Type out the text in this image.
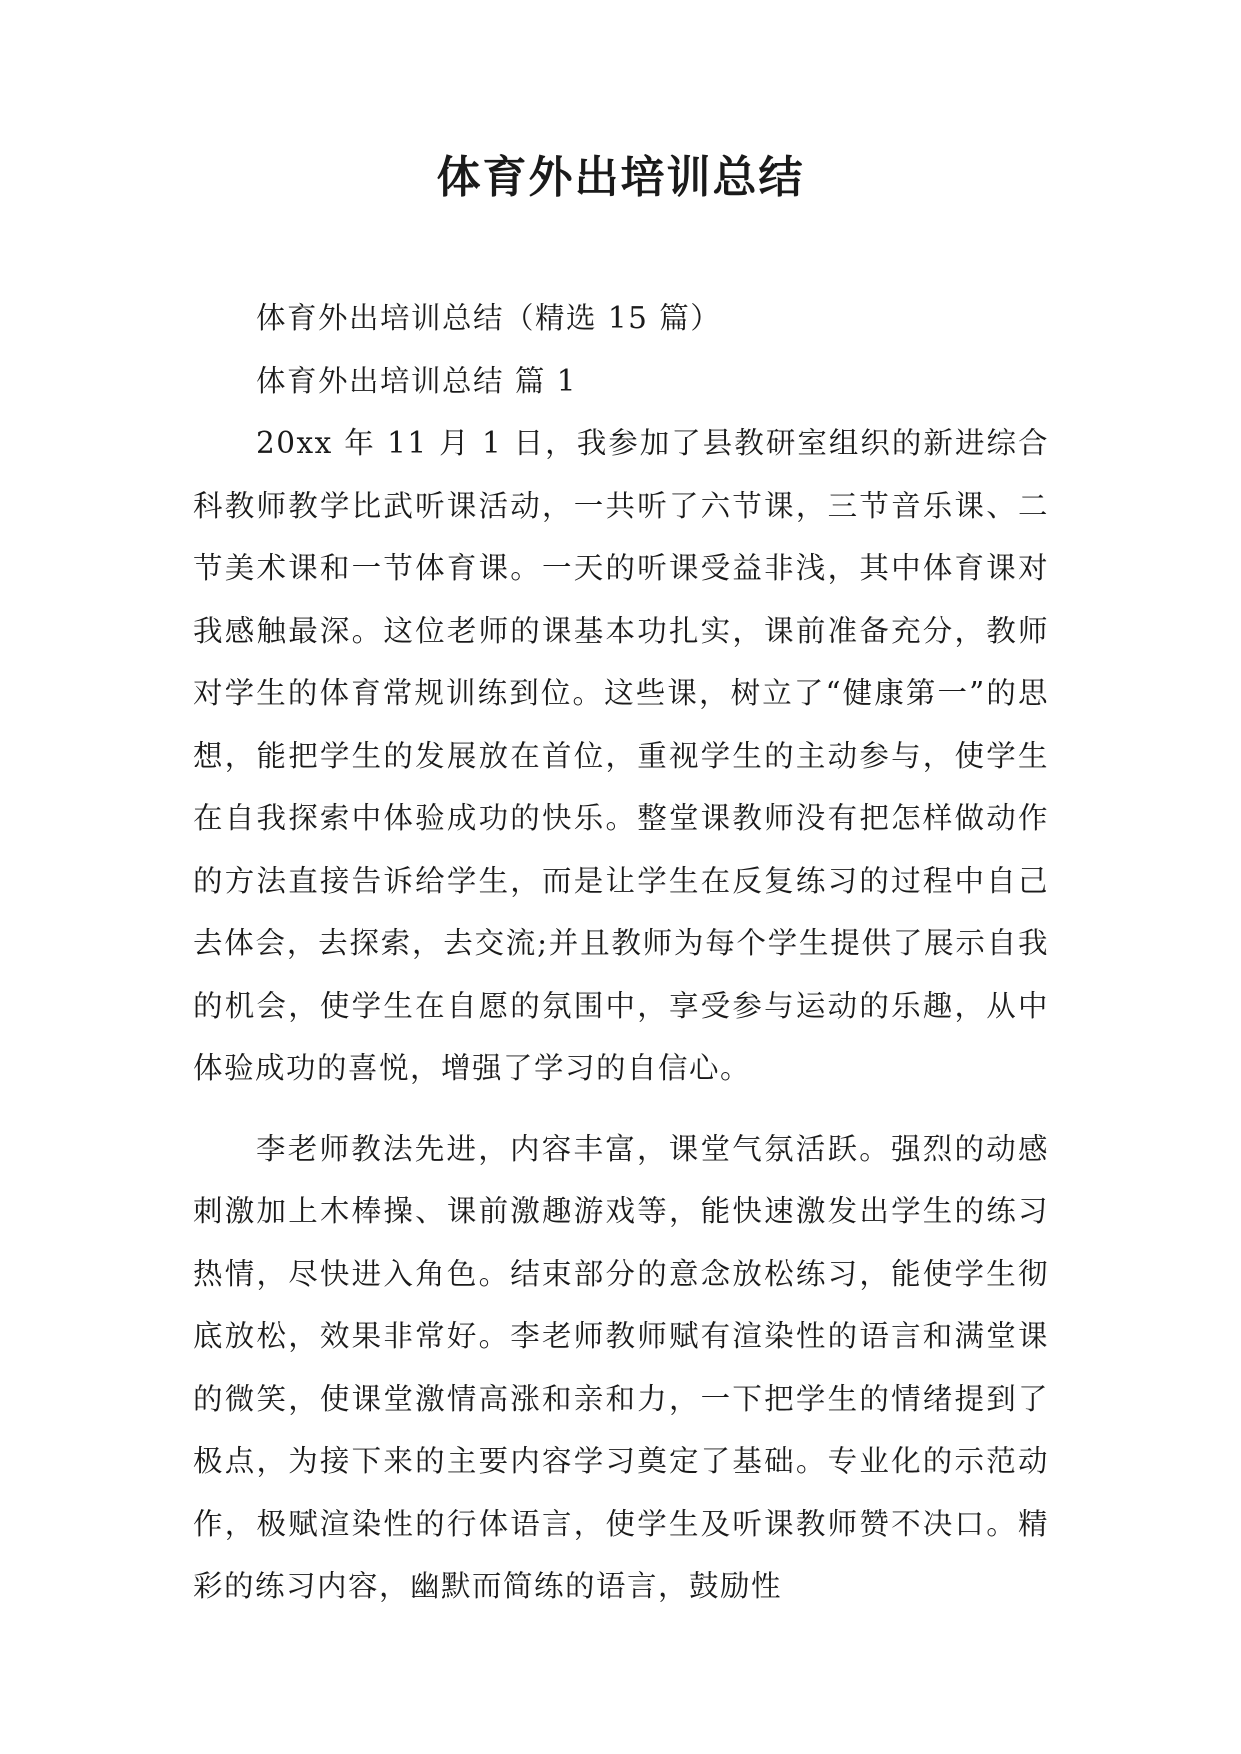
体育外出培训总结

体育外出培训总结（精选 15 篇）

体育外出培训总结 篇 1

20xx 年 11 月 1 日，我参加了县教研室组织的新进综合科教师教学比武听课活动，一共听了六节课，三节音乐课、二节美术课和一节体育课。一天的听课受益非浅，其中体育课对我感触最深。这位老师的课基本功扎实，课前准备充分，教师对学生的体育常规训练到位。这些课，树立了“健康第一”的思想，能把学生的发展放在首位，重视学生的主动参与，使学生在自我探索中体验成功的快乐。整堂课教师没有把怎样做动作的方法直接告诉给学生，而是让学生在反复练习的过程中自己去体会，去探索，去交流;并且教师为每个学生提供了展示自我的机会，使学生在自愿的氛围中，享受参与运动的乐趣，从中体验成功的喜悦，增强了学习的自信心。

李老师教法先进，内容丰富，课堂气氛活跃。强烈的动感刺激加上木棒操、课前激趣游戏等，能快速激发出学生的练习热情，尽快进入角色。结束部分的意念放松练习，能使学生彻底放松，效果非常好。李老师教师赋有渲染性的语言和满堂课的微笑，使课堂激情高涨和亲和力，一下把学生的情绪提到了极点，为接下来的主要内容学习奠定了基础。专业化的示范动作，极赋渲染性的行体语言，使学生及听课教师赞不决口。精彩的练习内容，幽默而简练的语言，鼓励性
